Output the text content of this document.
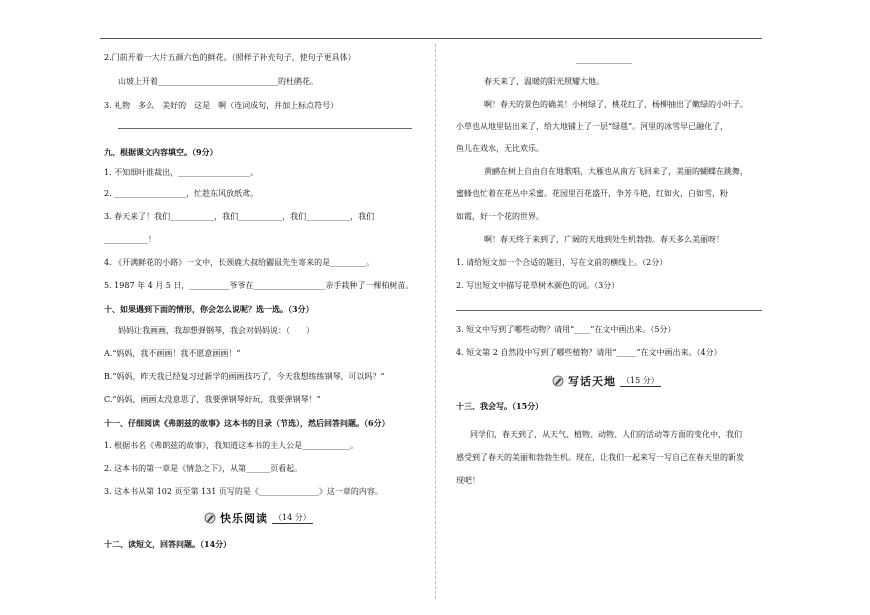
2.门前开着一大片五颜六色的鲜花。（照样子补充句子，使句子更具体）
山坡上开着______________________________的杜鹃花。
3. 礼物　多么　美好的　这是　啊（连词成句，并加上标点符号）
九、根据课文内容填空。（9分）
1. 不知细叶谁裁出，__________________。
2. __________________，忙趁东风放纸鸢。
3. 春天来了！我们___________，我们___________，我们___________，我们
___________！
4. 《开满鲜花的小路》一文中，长颈鹿大叔给鼹鼠先生寄来的是_________。
5. 1987 年 4 月 5 日，__________爷爷在__________________亲手栽种了一棵柏树苗。
十、如果遇到下面的情形，你会怎么说呢？选一选。（3分）
妈妈让我画画，我却想弹钢琴，我会对妈妈说：（　　）
A.“妈妈，我不画画！我不愿意画画！”
B.“妈妈，昨天我已经复习过新学的画画技巧了，今天我想练练钢琴，可以吗？”
C.“妈妈，画画太没意思了，我要弹钢琴好玩，我要弹钢琴！”
十一、仔细阅读《弗朗兹的故事》这本书的目录（节选），然后回答问题。（6分）
1. 根据书名《弗朗兹的故事》，我知道这本书的主人公是____________。
2. 这本书的第一章是《情急之下》，从第______页看起。
3. 这本书从第 102 页至第 131 页写的是《_______________》这一章的内容。
快乐阅读 （14 分）
十二、读短文，回答问题。（14分）
______________
春天来了，温暖的阳光照耀大地。
啊！春天的景色的确美！小树绿了，桃花红了，杨柳抽出了嫩绿的小叶子。
小草也从地里钻出来了，给大地铺上了一层“绿毯”。河里的冰雪早已融化了，
鱼儿在戏水，无比欢乐。
黄鹂在树上自由自在地歌唱，大雁也从南方飞回来了，美丽的蝴蝶在跳舞，
蜜蜂也忙着在花丛中采蜜。花园里百花盛开，争芳斗艳，红如火，白如雪，粉
如霞，好一个花的世界。
啊！春天终于来到了，广阔的天地到处生机勃勃。春天多么美丽呀！
1. 请给短文加一个合适的题目，写在文前的横线上。（2分）
2. 写出短文中描写花草树木颜色的词。（3分）
3. 短文中写到了哪些动物？请用“____”在文中画出来。（5分）
4. 短文第 2 自然段中写到了哪些植物？请用“_____”在文中画出来。（4分）
写话天地 （15 分）
十三、我会写。（15分）
同学们，春天到了，从天气、植物、动物、人们的活动等方面的变化中，我们
感受到了春天的美丽和勃勃生机。现在，让我们一起来写一写自己在春天里的新发
现吧！
